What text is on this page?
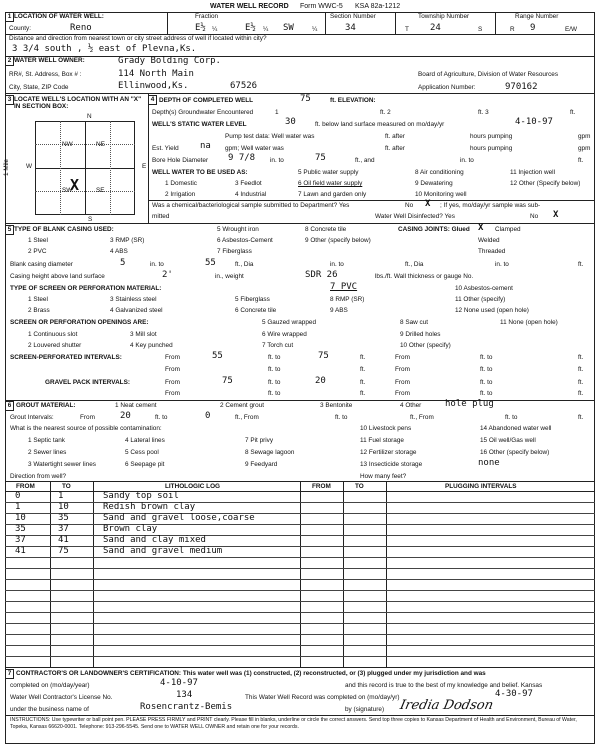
WATER WELL RECORD Form WWC-5 KSA 82a-1212
1 LOCATION OF WATER WELL:	Fraction	Section Number	Township Number	Range Number
County:	Reno	E½ ¼	E½ ¼ SW	¼	34	T 24	S	R 9	E/W
Distance and direction from nearest town or city street address of well if located within city?
3 3/4 south , ½ east of Plevna,Ks.
2 WATER WELL OWNER:	Grady Bolding Corp.
RR#, St. Address, Box # :	114 North Main
City, State, ZIP Code	Ellinwood,Ks.	67526
Board of Agriculture, Division of Water Resources
Application Number:	970162
3 LOCATE WELL'S LOCATION WITH AN "X" IN SECTION BOX:
N
S
W	E
NW	NE
SW	SE
X
1 Mile
4 DEPTH OF COMPLETED WELL	75	ft. ELEVATION:
Depth(s) Groundwater Encountered	1	ft. 2	ft. 3	ft.
WELL'S STATIC WATER LEVEL	30	ft. below land surface measured on mo/day/yr	4-10-97
Pump test data: Well water was	ft. after	hours pumping	gpm
Est. Yield na gpm; Well water was	ft. after	hours pumping	gpm
Bore Hole Diameter 9 7/8 in. to	75	ft., and	in. to	ft.
WELL WATER TO BE USED AS:	5 Public water supply	8 Air conditioning	11 Injection well
1 Domestic	3 Feedlot	6 Oil field water supply	9 Dewatering	12 Other (Specify below)
2 Irrigation	4 Industrial	7 Lawn and garden only	10 Monitoring well
Was a chemical/bacteriological sample submitted to Department? Yes	No X ; If yes, mo/day/yr sample was sub-
mitted	Water Well Disinfected? Yes	No X
5 TYPE OF BLANK CASING USED:	5 Wrought iron	8 Concrete tile	CASING JOINTS: Glued X Clamped
1 Steel	3 RMP (SR)	6 Asbestos-Cement	9 Other (specify below)	Welded
2 PVC	4 ABS	7 Fiberglass	Threaded
Blank casing diameter	5	in. to	55	ft., Dia	in. to	ft., Dia	in. to	ft.
Casing height above land surface	2'	in., weight	SDR 26	lbs./ft. Wall thickness or gauge No.
TYPE OF SCREEN OR PERFORATION MATERIAL:	7 PVC	10 Asbestos-cement
1 Steel	3 Stainless steel	5 Fiberglass	8 RMP (SR)	11 Other (specify)
2 Brass	4 Galvanized steel	6 Concrete tile	9 ABS	12 None used (open hole)
SCREEN OR PERFORATION OPENINGS ARE:	5 Gauzed wrapped	8 Saw cut	11 None (open hole)
1 Continuous slot	3 Mill slot	6 Wire wrapped	9 Drilled holes
2 Louvered shutter	4 Key punched	7 Torch cut	10 Other (specify)
SCREEN-PERFORATED INTERVALS:	From	55	ft. to	75	ft.	From	ft. to	ft.
From	ft. to	ft.	From	ft. to	ft.
GRAVEL PACK INTERVALS:	From	75	ft. to	20	ft.	From	ft. to	ft.
From	ft. to	ft.	From	ft. to	ft.
6 GROUT MATERIAL:	1 Neat cement	2 Cement grout	3 Bentonite	4 Other	hole plug
Grout Intervals:	From	20	ft. to	0	ft., From	ft. to	ft., From	ft. to	ft.
What is the nearest source of possible contamination:	10 Livestock pens	14 Abandoned water well
1 Septic tank	4 Lateral lines	7 Pit privy	11 Fuel storage	15 Oil well/Gas well
2 Sewer lines	5 Cess pool	8 Sewage lagoon	12 Fertilizer storage	16 Other (specify below)
3 Watertight sewer lines	6 Seepage pit	9 Feedyard	13 Insecticide storage	none
Direction from well?	How many feet?
FROM	TO	LITHOLOGIC LOG	FROM	TO	PLUGGING INTERVALS
0	1	Sandy top soil
1	10	Redish brown clay
10	35	Sand and gravel loose,coarse
35	37	Brown clay
37	41	Sand and clay mixed
41	75	Sand and gravel medium
7 CONTRACTOR'S OR LANDOWNER'S CERTIFICATION: This water well was (1) constructed, (2) reconstructed, or (3) plugged under my jurisdiction and was
completed on (mo/day/year)	4-10-97	and this record is true to the best of my knowledge and belief. Kansas
Water Well Contractor's License No.	134	This Water Well Record was completed on (mo/day/yr)	4-30-97
under the business name of	Rosencrantz-Bemis	by (signature) Iredia Dodson
INSTRUCTIONS: Use typewriter or ball point pen. PLEASE PRESS FIRMLY and PRINT clearly. Please fill in blanks, underline or circle the correct answers. Send top three copies to Kansas Department of Health and Environment, Bureau of Water, Topeka, Kansas 66620-0001. Telephone: 913-296-5545. Send one to WATER WELL OWNER and retain one for your records.
